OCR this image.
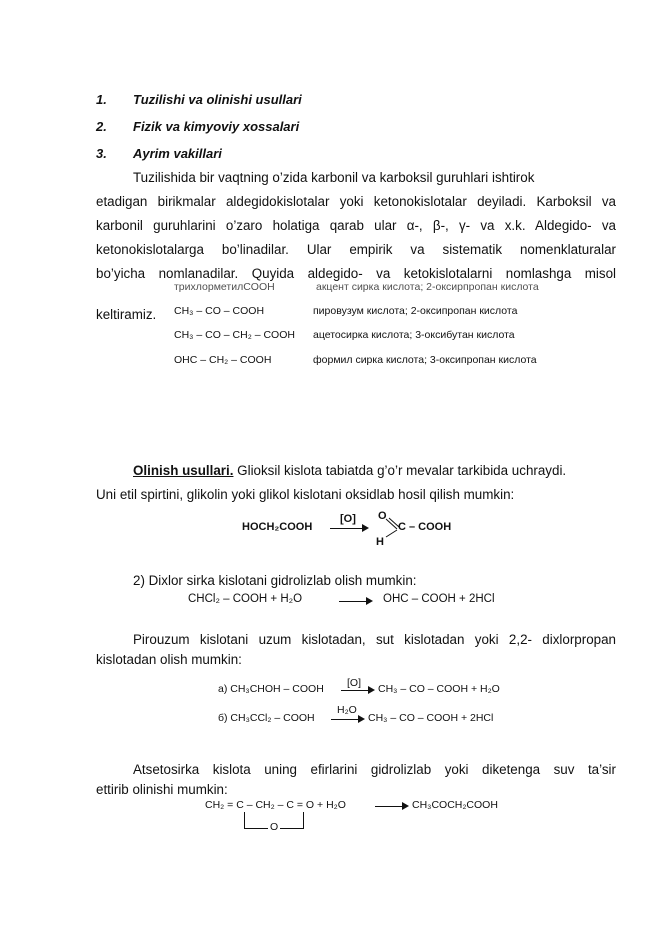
1. Tuzilishi va olinishi usullari
2. Fizik va kimyoviy xossalari
3. Ayrim vakillari
Tuzilishida bir vaqtning o’zida karbonil va karboksil guruhlari ishtirok
etadigan birikmalar aldegidokislotalar yoki ketonokislotalar deyiladi. Karboksil va
karbonil guruhlarini o’zaro holatiga qarab ular α-, β-, γ- va x.k. Aldegido- va
ketonokislotalarga bo’linadilar. Ular empirik va sistematik nomenklaturalar
bo’yicha nomlanadilar. Quyida aldegido- va ketokislotalarni nomlashga misol
keltiramiz.
трихлорметилCOOH	акцент сирка кислота; 2-оксирпропан кислота
CH₃ – CO – COOH	пировузум кислота; 2-оксипропан кислота
CH₃ – CO – CH₂ – COOH ацетосирка кислота; 3-оксибутан кислота
OHC – CH₂ – COOH	формил сирка кислота; 3-оксипропан кислота
Olinish usullari. Glioksil kislota tabiatda g’o’r mevalar tarkibida uchraydi.
Uni etil spirtini, glikolin yoki glikol kislotani oksidlab hosil qilish mumkin:
HOCH₂COOH
[O] O
H
C – COOH
2) Dixlor sirka kislotani gidrolizlab olish mumkin:
CHCl₂ – COOH + H₂O	OHC – COOH + 2HCl
Pirouzum kislotani uzum kislotadan, sut kislotadan yoki 2,2- dixlorpropan
kislotadan olish mumkin:
a) CH₃CHOH – COOH [O] CH₃ – CO – COOH + H₂O
б) CH₃CCl₂ – COOH
H₂O
CH₃ – CO – COOH + 2HCl
Atsetosirka kislota uning efirlarini gidrolizlab yoki diketenga suv ta’sir
ettirib olinishi mumkin:
CH₂ = C – CH₂ – C = O + H₂O
O
CH₃COCH₂COOH
